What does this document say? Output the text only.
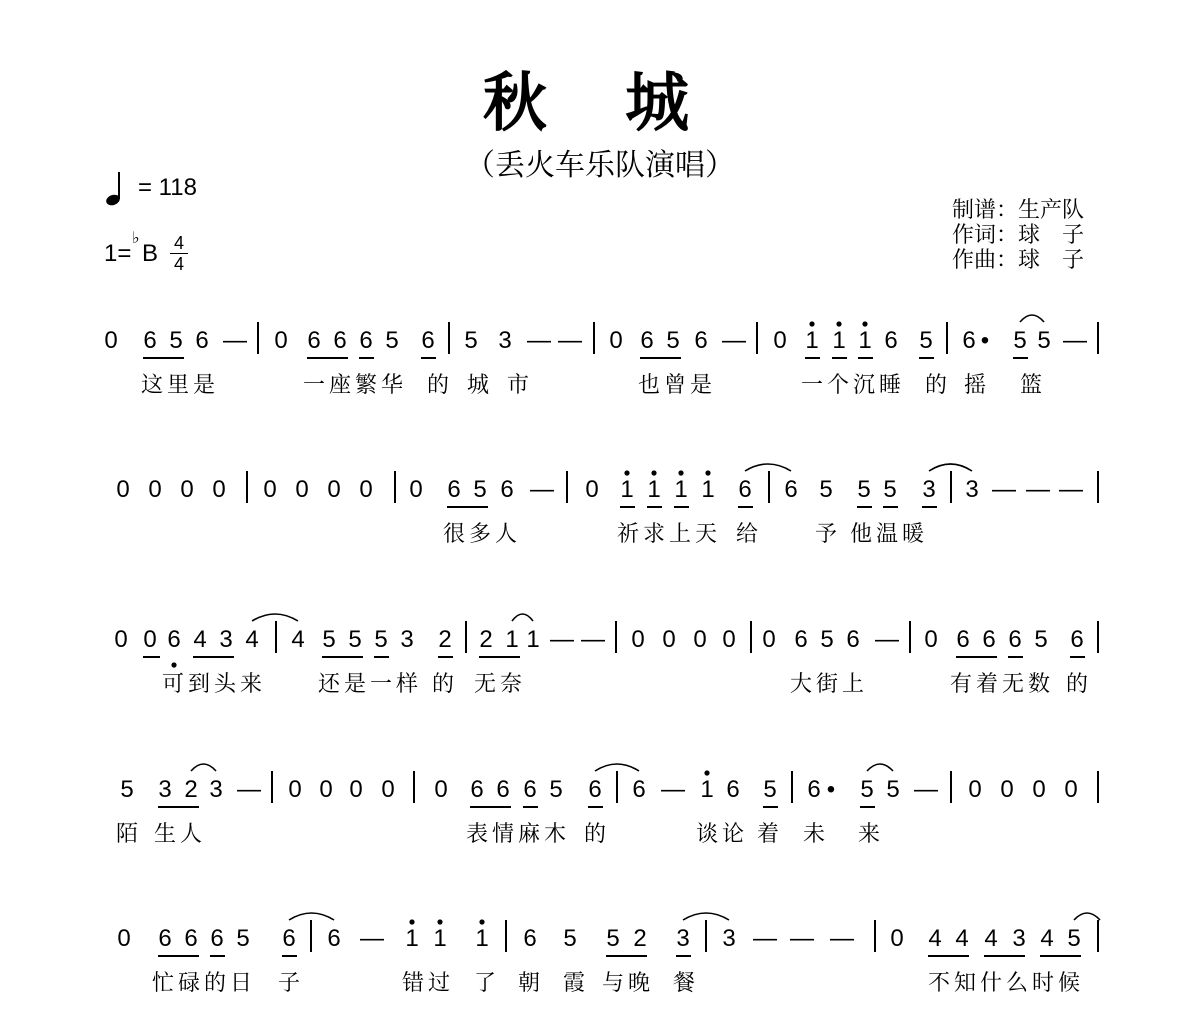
秋 城
（丢火车乐队演唱）
= 118
1=
♭
B 4
4
制谱：生产队
作词：球　子
作曲：球　子
0 6 5 6 — 0 6 6 6 5 6 5 3 — — 0 6 5 6 — 0 1 1 1 6 5 6 • 5 5 —
这里是	一座繁华 的 城 市	也曾是	一个沉睡 的 摇 篮
0 0 0 0 0 0 0 0 0 6 5 6 — 0 1 1 1 1 6 6 5 5 5 3 3 — — —
很多人	祈求上天 给 予 他温暖
0 0 6 4 3 4 4 5 5 5 3 2 2 1 1 — — 0 0 0 0 0 6 5 6 — 0 6 6 6 5 6
可到头来 还是一样 的 无奈	大街上	有着无数 的
5 3 2 3 — 0 0 0 0 0 6 6 6 5 6 6 — 1 6 5 6 • 5 5 — 0 0 0 0
陌 生人	表情麻木 的	谈论 着 未 来
0 6 6 6 5 6 6 — 1 1 1 6 5 5 2 3 3 — — — 0 4 4 4 3 4 5
忙碌的日 子	错过 了 朝 霞 与晚 餐	不知什么时候
